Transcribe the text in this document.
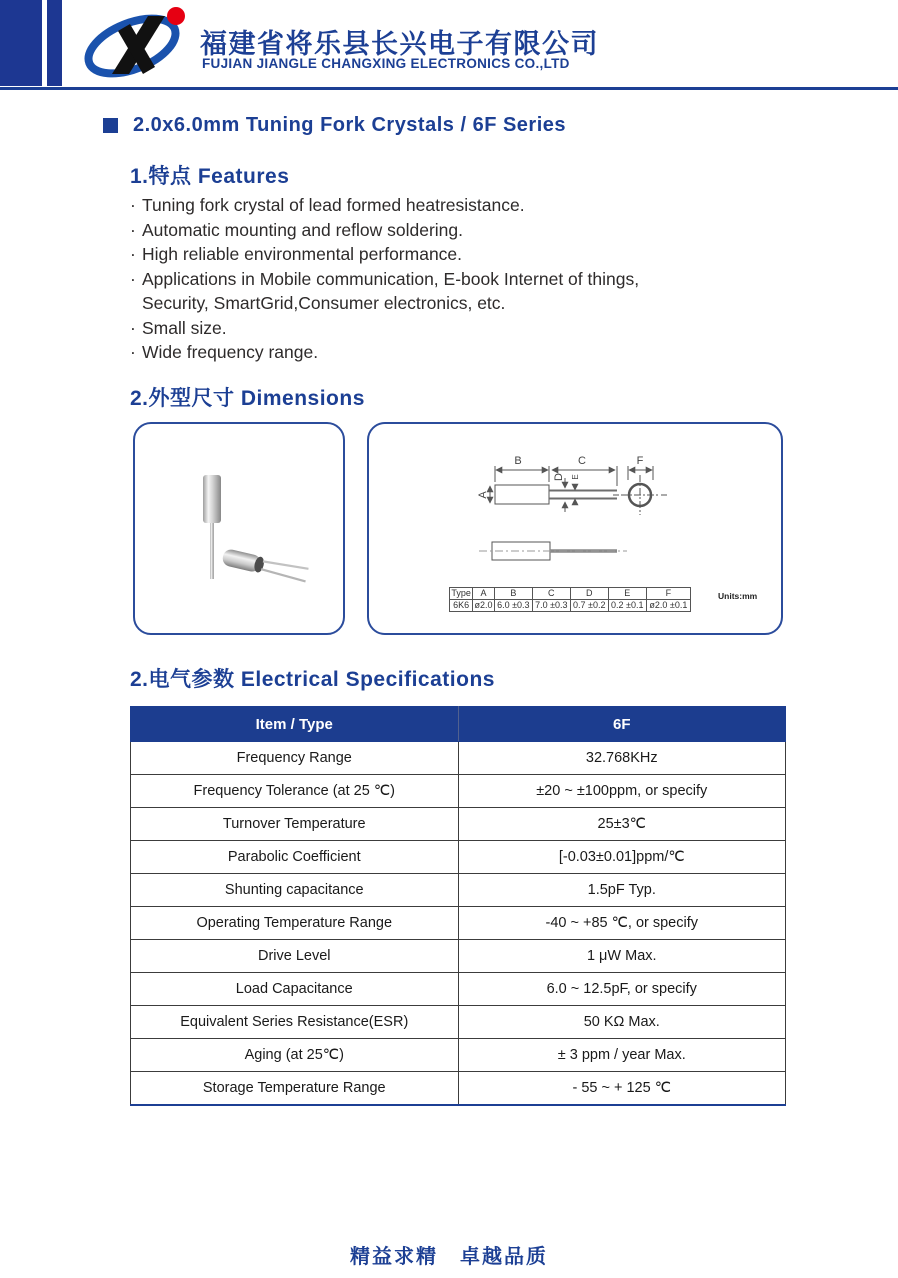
福建省将乐县长兴电子有限公司
FUJIAN JIANGLE CHANGXING ELECTRONICS CO.,LTD
2.0x6.0mm Tuning Fork Crystals / 6F Series
1.特点 Features
· Tuning fork crystal of lead formed heatresistance.
· Automatic mounting and reflow soldering.
· High reliable environmental performance.
· Applications in Mobile communication, E-book Internet of things,
Security, SmartGrid,Consumer electronics, etc.
· Small size.
· Wide frequency range.
2.外型尺寸 Dimensions
B	C	F
A
D E
Type	A	B	C	D	E	F
6K6	ø2.0	6.0 ±0.3	7.0 ±0.3	0.7 ±0.2	0.2 ±0.1	ø2.0 ±0.1
Units:mm
2.电气参数 Electrical Specifications
Item / Type	6F
Frequency Range	32.768KHz
Frequency Tolerance (at 25 ℃)	±20 ~ ±100ppm, or specify
Turnover Temperature	25±3℃
Parabolic Coefficient	[-0.03±0.01]ppm/℃
Shunting capacitance	1.5pF Typ.
Operating Temperature Range	-40 ~ +85 ℃, or specify
Drive Level	1 μW Max.
Load Capacitance	6.0 ~ 12.5pF, or specify
Equivalent Series Resistance(ESR)	50 KΩ Max.
Aging (at 25℃)	± 3 ppm / year Max.
Storage Temperature Range	- 55 ~ + 125 ℃
精益求精　卓越品质
